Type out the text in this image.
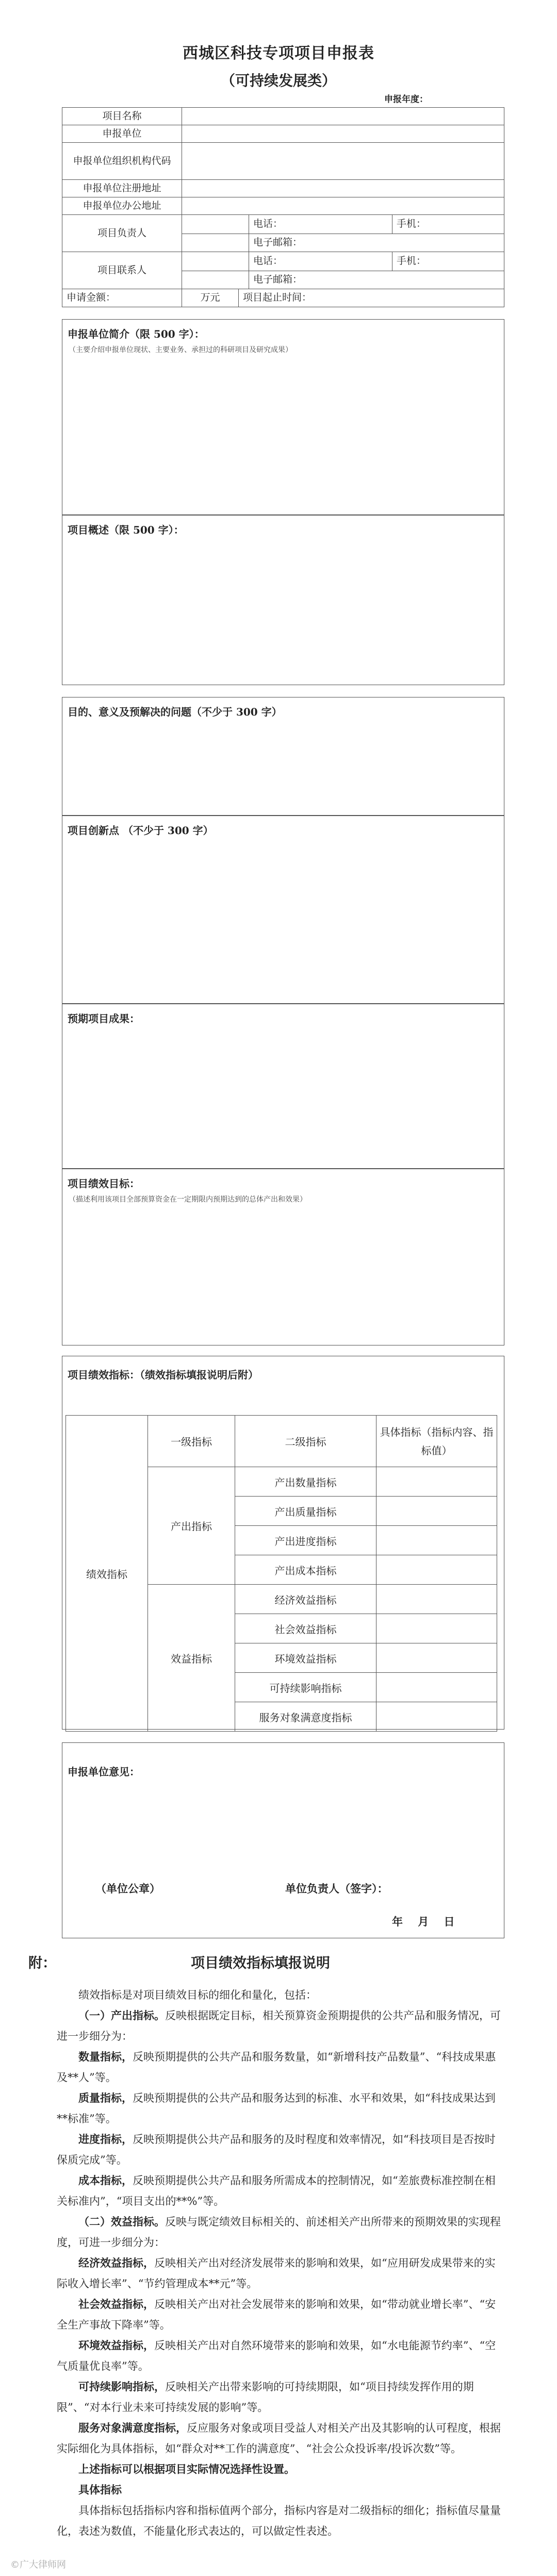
西城区科技专项项目申报表
（可持续发展类）
申报年度：
项目名称
申报单位
申报单位组织机构代码
申报单位注册地址
申报单位办公地址
项目负责人
电话：	手机：
电子邮箱：
项目联系人
电话：	手机：
电子邮箱：
申请金额：	万元	项目起止时间：
申报单位简介（限 500 字）：
（主要介绍申报单位现状、主要业务、承担过的科研项目及研究成果）
项目概述（限 500 字）：
目的、意义及预解决的问题（不少于 300 字）
项目创新点 （不少于 300 字）
预期项目成果：
项目绩效目标：
（描述利用该项目全部预算资金在一定期限内预期达到的总体产出和效果）
项目绩效指标：（绩效指标填报说明后附）
绩效指标	一级指标	二级指标	具体指标（指标内容、指标值）
	产出指标	产出数量指标	
		产出质量指标	
		产出进度指标	
		产出成本指标	
	效益指标	经济效益指标	
		社会效益指标	
		环境效益指标	
		可持续影响指标	
		服务对象满意度指标	
申报单位意见：
（单位公章）	单位负责人（签字）：
年    月    日
附：	项目绩效指标填报说明
绩效指标是对项目绩效目标的细化和量化，包括：
（一）产出指标。反映根据既定目标，相关预算资金预期提供的公共产品和服务情况，可进一步细分为：
数量指标，反映预期提供的公共产品和服务数量，如“新增科技产品数量”、“科技成果惠及**人”等。
质量指标，反映预期提供的公共产品和服务达到的标准、水平和效果，如“科技成果达到**标准”等。
进度指标，反映预期提供公共产品和服务的及时程度和效率情况，如“科技项目是否按时保质完成”等。
成本指标，反映预期提供公共产品和服务所需成本的控制情况，如“差旅费标准控制在相关标准内”，“项目支出的**%”等。
（二）效益指标。反映与既定绩效目标相关的、前述相关产出所带来的预期效果的实现程度，可进一步细分为：
经济效益指标，反映相关产出对经济发展带来的影响和效果，如“应用研发成果带来的实际收入增长率”、“节约管理成本**元”等。
社会效益指标，反映相关产出对社会发展带来的影响和效果，如“带动就业增长率”、“安全生产事故下降率”等。
环境效益指标，反映相关产出对自然环境带来的影响和效果，如“水电能源节约率”、“空气质量优良率”等。
可持续影响指标，反映相关产出带来影响的可持续期限，如“项目持续发挥作用的期限”、“对本行业未来可持续发展的影响”等。
服务对象满意度指标，反应服务对象或项目受益人对相关产出及其影响的认可程度，根据实际细化为具体指标，如“群众对**工作的满意度”、“社会公众投诉率/投诉次数”等。
上述指标可以根据项目实际情况选择性设置。
具体指标
具体指标包括指标内容和指标值两个部分，指标内容是对二级指标的细化；指标值尽量量化，表述为数值，不能量化形式表达的，可以做定性表述。
©广大律师网
